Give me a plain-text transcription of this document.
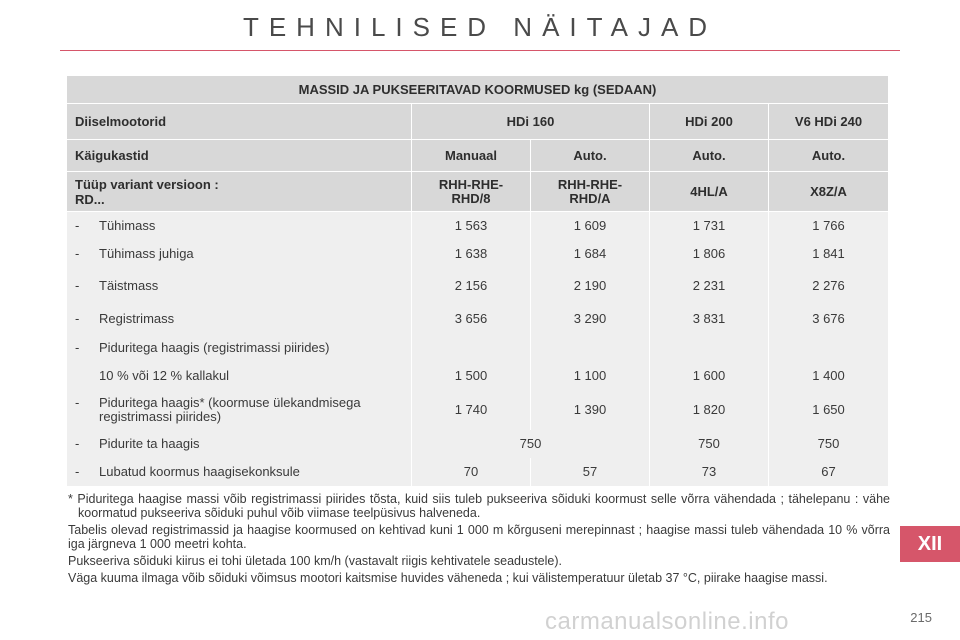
TEHNILISED NÄITAJAD
MASSID JA PUKSEERITAVAD KOORMUSED kg (SEDAAN)				
Diiselmootorid	HDi 160		HDi 200	V6 HDi 240
Käigukastid	Manuaal	Auto.	Auto.	Auto.

Tüüp variant versioon :
RD...	RHH-RHE-RHD/8	RHH-RHE-RHD/A	4HL/A	X8Z/A
- Tühimass	1 563	1 609	1 731	1 766
- Tühimass juhiga	1 638	1 684	1 806	1 841
- Täistmass	2 156	2 190	2 231	2 276
- Registrimass	3 656	3 290	3 831	3 676
- Piduritega haagis (registrimassi piirides)				
10 % või 12 % kallakul	1 500	1 100	1 600	1 400
- Piduritega haagis* (koormuse ülekandmisega registrimassi piirides)	1 740	1 390	1 820	1 650
- Pidurite ta haagis	750		750	750
- Lubatud koormus haagisekonksule	70	57	73	67

* Piduritega haagise massi võib registrimassi piirides tõsta, kuid siis tuleb pukseeriva sõiduki koormust selle võrra vähendada ; tähelepanu : vähe koormatud pukseeriva sõiduki puhul võib viimase teelpüsivus halveneda.

Tabelis olevad registrimassid ja haagise koormused on kehtivad kuni 1 000 m kõrguseni merepinnast ; haagise massi tuleb vähendada 10 % võrra iga järgneva 1 000 meetri kohta.

Pukseeriva sõiduki kiirus ei tohi ületada 100 km/h (vastavalt riigis kehtivatele seadustele).

Väga kuuma ilmaga võib sõiduki võimsus mootori kaitsmise huvides väheneda ; kui välistemperatuur ületab 37 °C, piirake haagise massi.

XII
215
carmanualsonline.info
